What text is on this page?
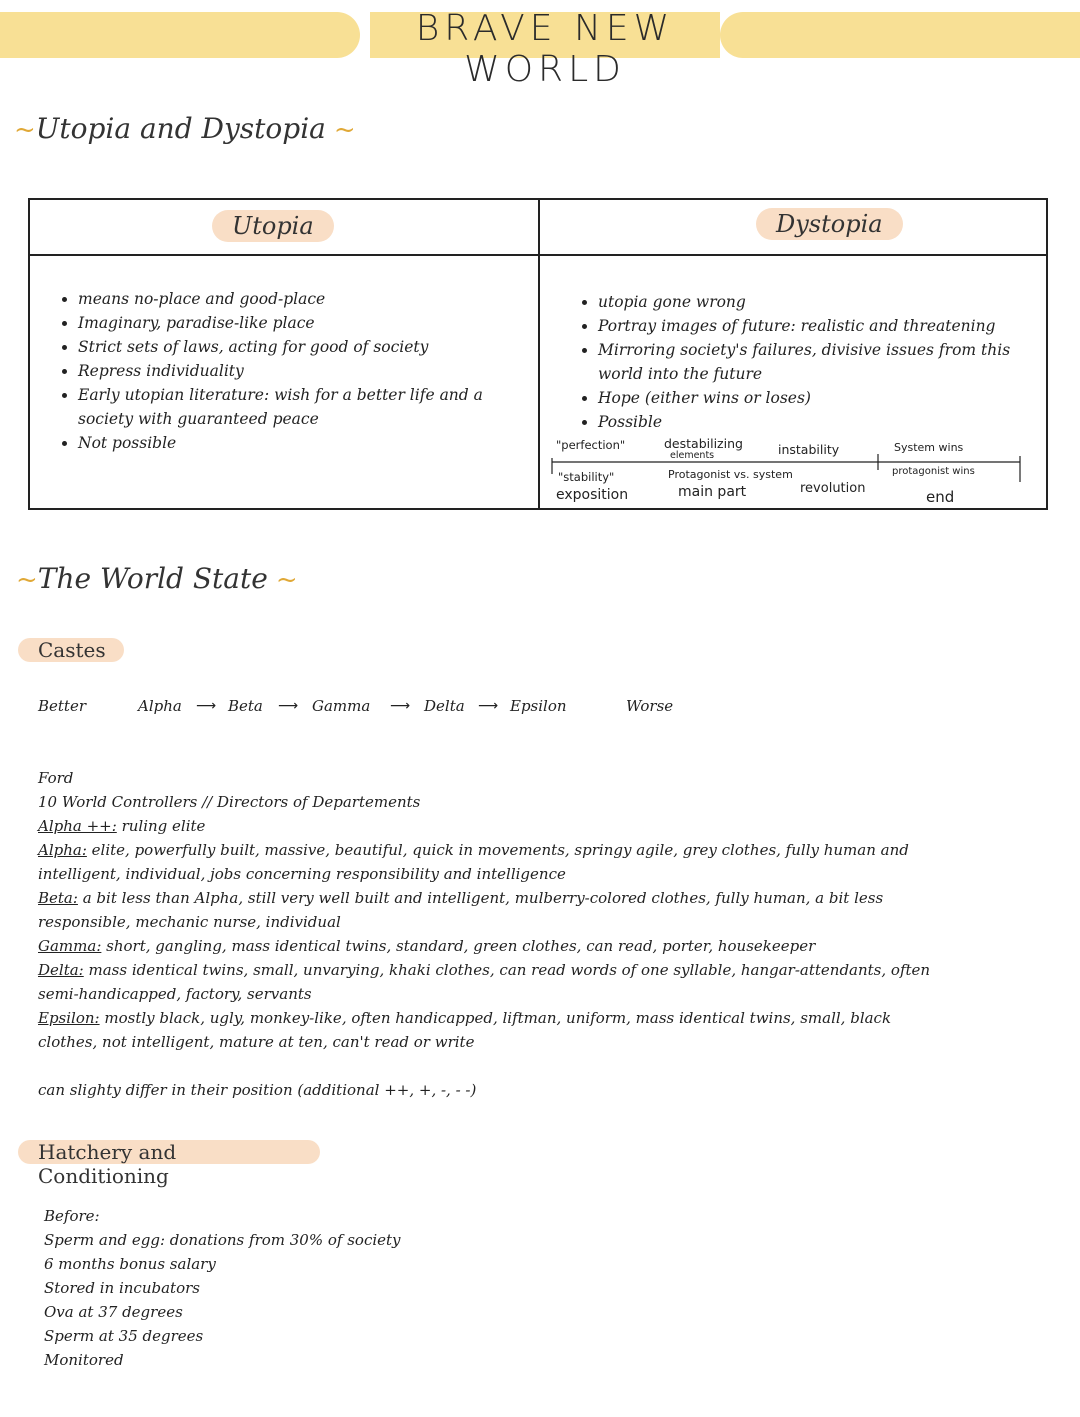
BRAVE NEW WORLD
~Utopia and Dystopia ~
Utopia	Dystopia
• means no-place and good-place
• Imaginary, paradise-like place
• Strict sets of laws, acting for good of society
• Repress individuality
• Early utopian literature: wish for a better life and a society with guaranteed peace
• Not possible
• utopia gone wrong
• Portray images of future: realistic and threatening
• Mirroring society's failures, divisive issues from this world into the future
• Hope (either wins or loses)
• Possible
"perfection"
"stability"
exposition
destabilizing
elements	instability
Protagonist vs. system
main part	revolution
System wins
protagonist wins
end
~The World State ~
Castes
Better	Alpha ⟶ Beta ⟶ Gamma ⟶ Delta ⟶ Epsilon	Worse
Ford
10 World Controllers // Directors of Departements
Alpha ++: ruling elite
Alpha: elite, powerfully built, massive, beautiful, quick in movements, springy agile, grey clothes, fully human and
intelligent, individual, jobs concerning responsibility and intelligence
Beta: a bit less than Alpha, still very well built and intelligent, mulberry-colored clothes, fully human, a bit less
responsible, mechanic nurse, individual
Gamma: short, gangling, mass identical twins, standard, green clothes, can read, porter, housekeeper
Delta: mass identical twins, small, unvarying, khaki clothes, can read words of one syllable, hangar-attendants, often
semi-handicapped, factory, servants
Epsilon: mostly black, ugly, monkey-like, often handicapped, liftman, uniform, mass identical twins, small, black
clothes, not intelligent, mature at ten, can't read or write
can slighty differ in their position (additional ++, +, -, - -)
Hatchery and Conditioning
Before:
Sperm and egg: donations from 30% of society
6 months bonus salary
Stored in incubators
Ova at 37 degrees
Sperm at 35 degrees
Monitored
